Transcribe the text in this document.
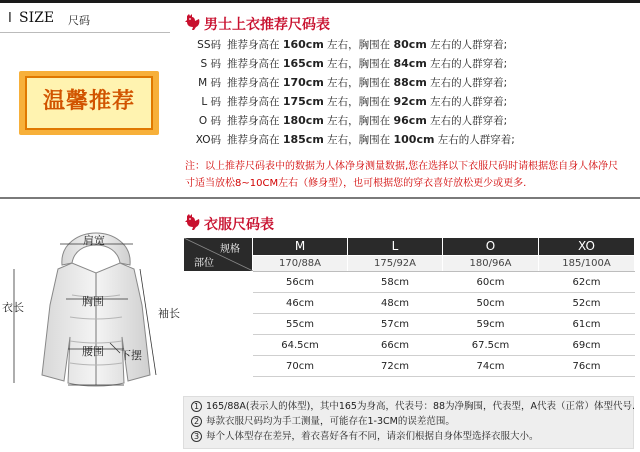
I SIZE 尺码
温馨推荐
男士上衣推荐尺码表
SS码 推荐身高在 160cm 左右，胸围在 80cm 左右的人群穿着;
S 码 推荐身高在 165cm 左右，胸围在 84cm 左右的人群穿着;
M 码 推荐身高在 170cm 左右，胸围在 88cm 左右的人群穿着;
L 码 推荐身高在 175cm 左右，胸围在 92cm 左右的人群穿着;
O 码 推荐身高在 180cm 左右，胸围在 96cm 左右的人群穿着;
XO码 推荐身高在 185cm 左右，胸围在 100cm 左右的人群穿着;
注：以上推荐尺码表中的数据为人体净身测量数据,您在选择以下衣服尺码时请根据您自身人体净尺
寸适当放松8~10CM左右（修身型），也可根据您的穿衣喜好放松更少或更多.
肩宽
胸围
腰围
衣长	袖长
下摆
衣服尺码表
规格
部位	M	L	O	XO
	170/88A	175/92A	180/96A	185/100A
胸围	56cm	58cm	60cm	62cm
肩宽	46cm	48cm	50cm	52cm
下摆	55cm	57cm	59cm	61cm
袖长	64.5cm	66cm	67.5cm	69cm
衣长	70cm	72cm	74cm	76cm
1 165/88A(表示人的体型)，其中165为身高，代表号：88为净胸围，代表型，A代表（正常）体型代号.
2 每款衣服尺码均为手工测量，可能存在1-3CM的误差范围。
3 每个人体型存在差异，着衣喜好各有不同，请亲们根据自身体型选择衣服大小。
